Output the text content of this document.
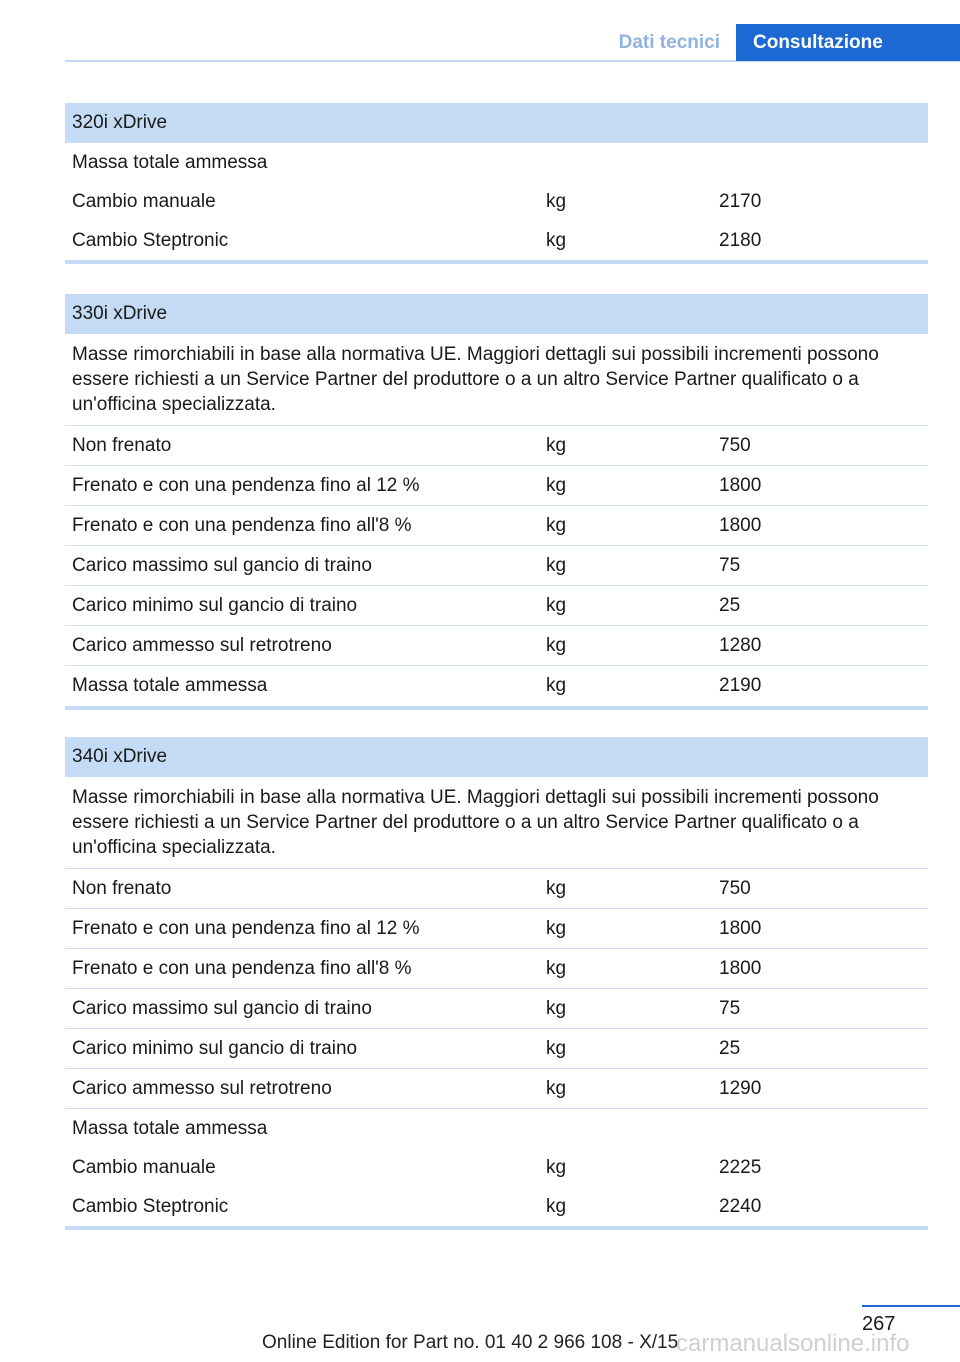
Dati tecnici	Consultazione
320i xDrive
Massa totale ammessa
Cambio manuale	kg	2170
Cambio Steptronic	kg	2180
330i xDrive
Masse rimorchiabili in base alla normativa UE. Maggiori dettagli sui possibili incrementi possono essere richiesti a un Service Partner del produttore o a un altro Service Partner qualificato o a un'officina specializzata.
Non frenato	kg	750
Frenato e con una pendenza fino al 12 %	kg	1800
Frenato e con una pendenza fino all'8 %	kg	1800
Carico massimo sul gancio di traino	kg	75
Carico minimo sul gancio di traino	kg	25
Carico ammesso sul retrotreno	kg	1280
Massa totale ammessa	kg	2190
340i xDrive
Masse rimorchiabili in base alla normativa UE. Maggiori dettagli sui possibili incrementi possono essere richiesti a un Service Partner del produttore o a un altro Service Partner qualificato o a un'officina specializzata.
Non frenato	kg	750
Frenato e con una pendenza fino al 12 %	kg	1800
Frenato e con una pendenza fino all'8 %	kg	1800
Carico massimo sul gancio di traino	kg	75
Carico minimo sul gancio di traino	kg	25
Carico ammesso sul retrotreno	kg	1290
Massa totale ammessa
Cambio manuale	kg	2225
Cambio Steptronic	kg	2240
267
Online Edition for Part no. 01 40 2 966 108 - X/15
carmanualsonline.info
